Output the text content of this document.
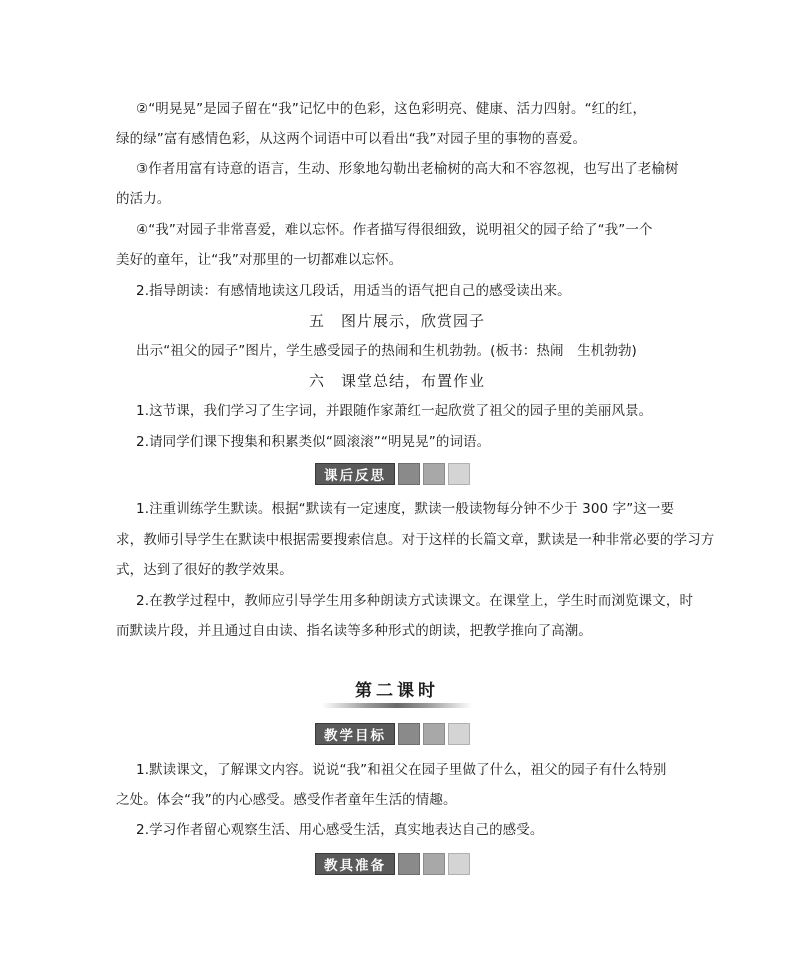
②“明晃晃”是园子留在“我”记忆中的色彩，这色彩明亮、健康、活力四射。“红的红，
绿的绿”富有感情色彩，从这两个词语中可以看出“我”对园子里的事物的喜爱。
③作者用富有诗意的语言，生动、形象地勾勒出老榆树的高大和不容忽视，也写出了老榆树
的活力。
④“我”对园子非常喜爱，难以忘怀。作者描写得很细致，说明祖父的园子给了“我”一个
美好的童年，让“我”对那里的一切都难以忘怀。
2.指导朗读：有感情地读这几段话，用适当的语气把自己的感受读出来。
五　图片展示，欣赏园子
出示“祖父的园子”图片，学生感受园子的热闹和生机勃勃。(板书：热闹　生机勃勃)
六　课堂总结，布置作业
1.这节课，我们学习了生字词，并跟随作家萧红一起欣赏了祖父的园子里的美丽风景。
2.请同学们课下搜集和积累类似“圆滚滚”“明晃晃”的词语。
课后反思
1.注重训练学生默读。根据“默读有一定速度，默读一般读物每分钟不少于 300 字”这一要
求，教师引导学生在默读中根据需要搜索信息。对于这样的长篇文章，默读是一种非常必要的学习方
式，达到了很好的教学效果。
2.在教学过程中，教师应引导学生用多种朗读方式读课文。在课堂上，学生时而浏览课文，时
而默读片段，并且通过自由读、指名读等多种形式的朗读，把教学推向了高潮。
第二课时
教学目标
1.默读课文，了解课文内容。说说“我”和祖父在园子里做了什么，祖父的园子有什么特别
之处。体会“我”的内心感受。感受作者童年生活的情趣。
2.学习作者留心观察生活、用心感受生活，真实地表达自己的感受。
教具准备
